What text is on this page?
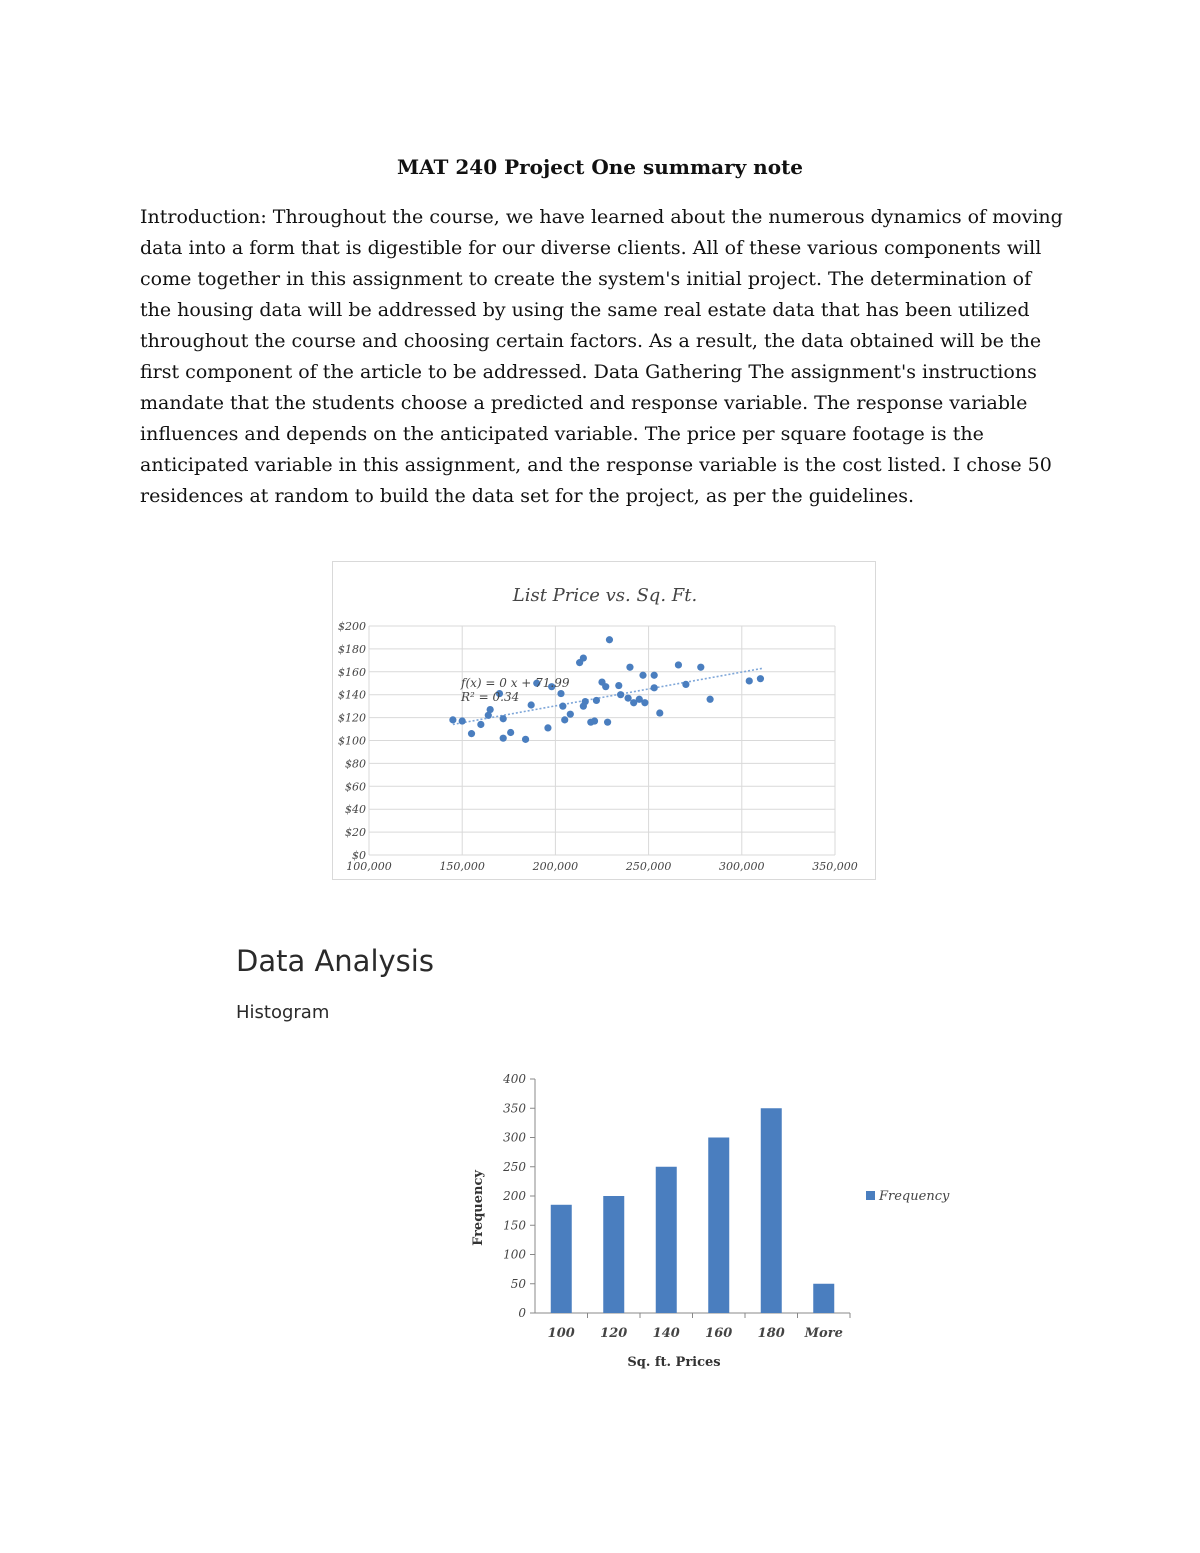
MAT 240 Project One summary note

Introduction: Throughout the course, we have learned about the numerous dynamics of moving data into a form that is digestible for our diverse clients. All of these various components will come together in this assignment to create the system's initial project. The determination of the housing data will be addressed by using the same real estate data that has been utilized throughout the course and choosing certain factors. As a result, the data obtained will be the first component of the article to be addressed. Data Gathering The assignment's instructions mandate that the students choose a predicted and response variable. The response variable influences and depends on the anticipated variable. The price per square footage is the anticipated variable in this assignment, and the response variable is the cost listed. I chose 50 residences at random to build the data set for the project, as per the guidelines.

List Price vs. Sq. Ft.
$0
$20
$40
$60
$80
$100
$120
$140
$160
$180
$200
100,000	150,000	200,000	250,000	300,000	350,000
f(x) = 0 x + 71.99
R² = 0.34
Data Analysis
Histogram
0
50
100
150
200
250
300
350
400
100 120 140 160 180 More
Sq. ft. Prices
Frequency	Frequency
